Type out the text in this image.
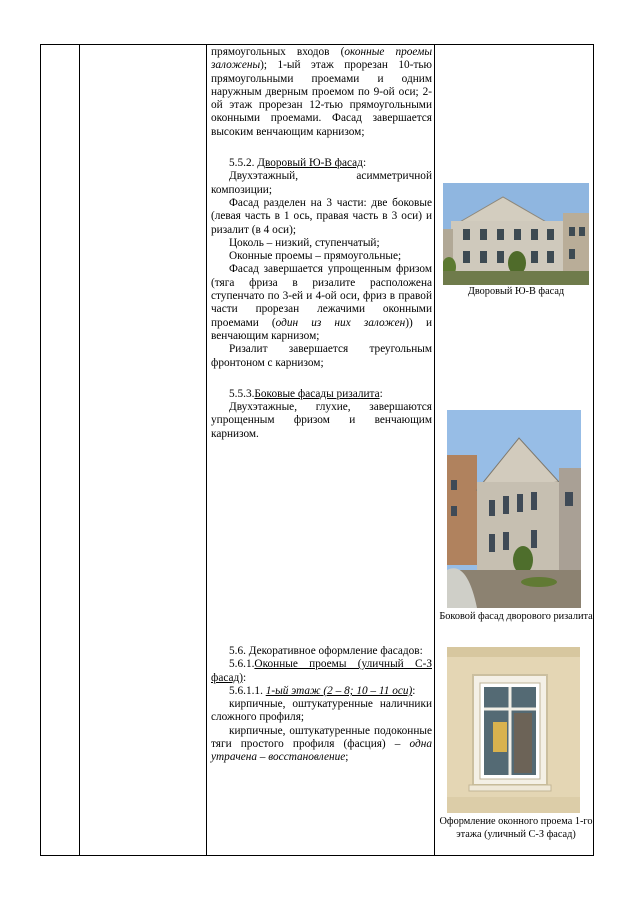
прямоугольных входов (оконные проемы заложены); 1-ый этаж прорезан 10-тью прямоугольными проемами и одним наружным дверным проемом по 9-ой оси; 2-ой этаж прорезан 12-тью прямоугольными оконными проемами. Фасад завершается высоким венчающим карнизом;

5.5.2. Дворовый Ю-В фасад:

Двухэтажный, асимметричной композиции;

Фасад разделен на 3 части: две боковые (левая часть в 1 ось, правая часть в 3 оси) и ризалит (в 4 оси);

Цоколь – низкий, ступенчатый;

Оконные проемы – прямоугольные;

Фасад завершается упрощенным фризом (тяга фриза в ризалите расположена ступенчато по 3-ей и 4-ой оси, фриз в правой части прорезан лежачими оконными проемами (один из них заложен)) и венчающим карнизом;

Ризалит завершается треугольным фронтоном с карнизом;

5.5.3.Боковые фасады ризалита:

Двухэтажные, глухие, завершаются упрощенным фризом и венчающим карнизом.

5.6. Декоративное оформление фасадов:

5.6.1.Оконные проемы (уличный С-З фасад):

5.6.1.1. 1-ый этаж (2 – 8; 10 – 11 оси):

кирпичные, оштукатуренные наличники сложного профиля;

кирпичные, оштукатуренные подоконные тяги простого профиля (фасция) – одна утрачена – восстановление;

Дворовый Ю-В фасад
Боковой фасад дворового ризалита
Оформление оконного проема 1-го этажа (уличный С-З фасад)
